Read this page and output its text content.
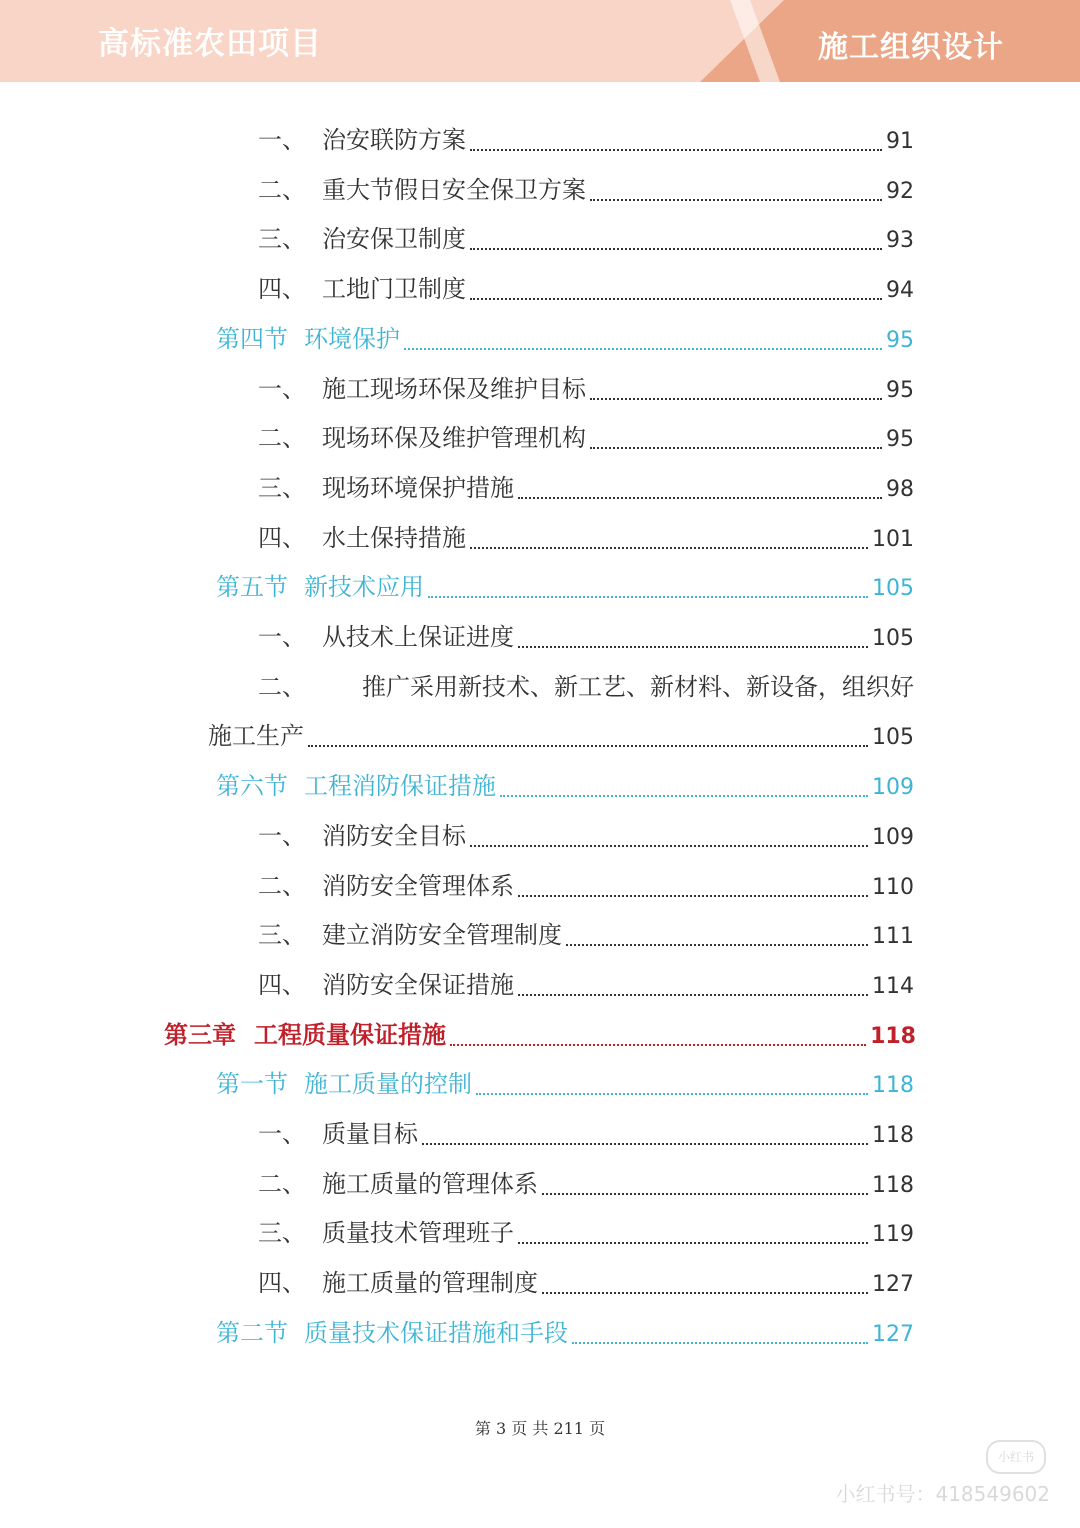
高标准农田项目	施工组织设计
一、 治安联防方案	91
二、 重大节假日安全保卫方案	92
三、 治安保卫制度	93
四、 工地门卫制度	94
第四节 环境保护	95
一、 施工现场环保及维护目标	95
二、 现场环保及维护管理机构	95
三、 现场环境保护措施	98
四、 水土保持措施	101
第五节 新技术应用	105
一、 从技术上保证进度	105
二、	推广采用新技术、新工艺、新材料、新设备，组织好
施工生产	105
第六节 工程消防保证措施	109
一、 消防安全目标	109
二、 消防安全管理体系	110
三、 建立消防安全管理制度	111
四、 消防安全保证措施	114
第三章 工程质量保证措施	118
第一节 施工质量的控制	118
一、 质量目标	118
二、 施工质量的管理体系	118
三、 质量技术管理班子	119
四、 施工质量的管理制度	127
第二节 质量技术保证措施和手段	127
第 3 页 共 211 页
小红书
小红书号：418549602
